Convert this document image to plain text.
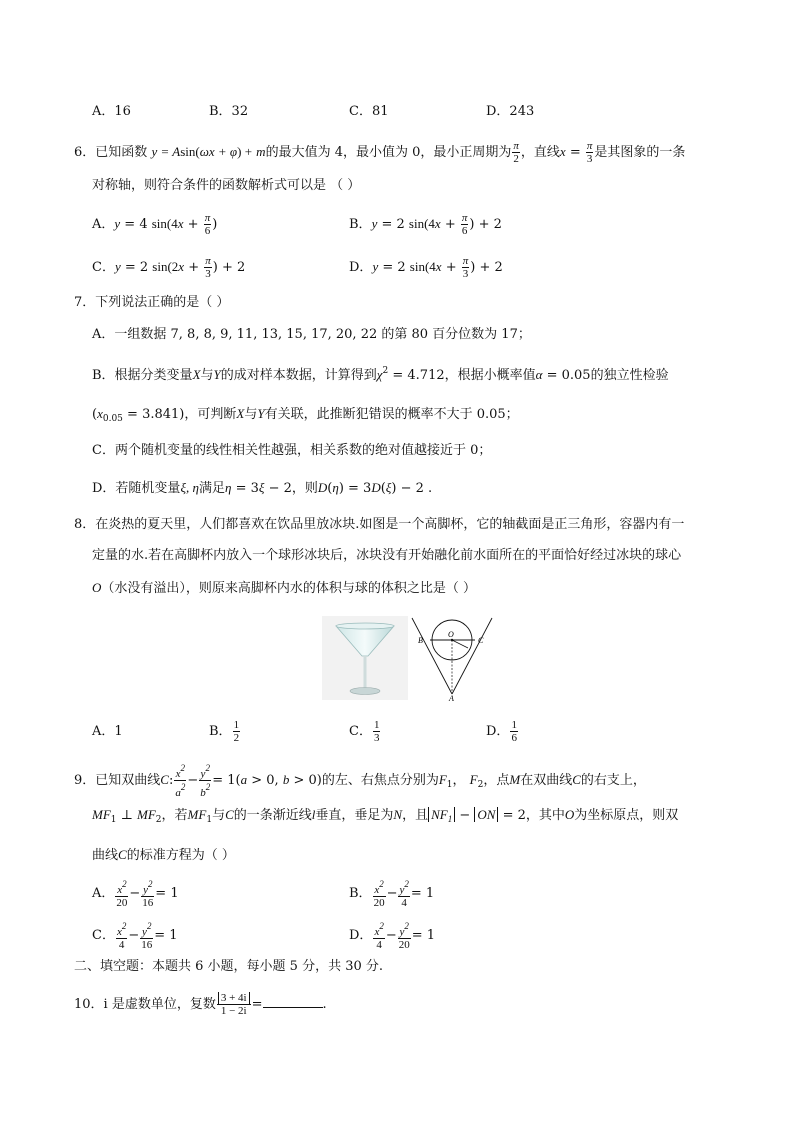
A．16	B．32	C．81	D．243
6．已知函数 y = Asin(ωx + φ) + m的最大值为 4，最小值为 0，最小正周期为 $\frac{\pi}{2}$ ，直线$x = \frac{\pi}{3}$ 是其图象的一条
对称轴，则符合条件的函数解析式可以是 （ ）
A．y = 4 $\sin(4x + \frac{\pi}{6}$ )	B．y = 2 $\sin(4x + \frac{\pi}{6}$ ) + 2
C．y = 2 $\sin(2x + \frac{\pi}{3}$ ) + 2	D．y = 2 $\sin(4x + \frac{\pi}{3}$ ) + 2
7．下列说法正确的是（ ）
A．一组数据 7, 8, 8, 9, 11, 13, 15, 17, 20, 22 的第 80 百分位数为 17；
B．根据分类变量X与Y的成对样本数据，计算得到$\chi^2 = 4.712$，根据小概率值α = 0.05的独立性检验
$(x_{0.05} = 3.841)$，可判断X与Y有关联，此推断犯错误的概率不大于 0.05；
C．两个随机变量的线性相关性越强，相关系数的绝对值越接近于 0；
D．若随机变量ξ, η满足η = 3ξ − 2，则D(η) = 3D(ξ) − 2 .
8．在炎热的夏天里，人们都喜欢在饮品里放冰块.如图是一个高脚杯，它的轴截面是正三角形，容器内有一
定量的水.若在高脚杯内放入一个球形冰块后，冰块没有开始融化前水面所在的平面恰好经过冰块的球心
O（水没有溢出），则原来高脚杯内水的体积与球的体积之比是（ ）
B
O
C
A
A．1	B． $\frac{1}{2}$	C． $\frac{1}{3}$	D． $\frac{1}{6}$
9．已知双曲线C: $\frac{x^2}{a^2} - \frac{y^2}{b^2} = 1(a > 0$, b > 0)的左、右焦点分别为$F_1$， $F_2$，点M在双曲线C的右支上，
$MF_1$ ⊥ $MF_2$，若$MF_1$与C的一条渐近线l垂直，垂足为N，且 $NF_1$ − ON = 2，其中O为坐标原点，则双
曲线C的标准方程为（ ）
A． $\frac{x^2}{20} - \frac{y^2}{16} = 1$	B． $\frac{x^2}{20} - \frac{y^2}{4} = 1$
C． $\frac{x^2}{4} - \frac{y^2}{16} = 1$	D． $\frac{x^2}{4} - \frac{y^2}{20} = 1$
二、填空题：本题共 6 小题，每小题 5 分，共 30 分.
10．i 是虚数单位，复数 $\frac{3 + 4i}{1 - 2i}$ =	.
